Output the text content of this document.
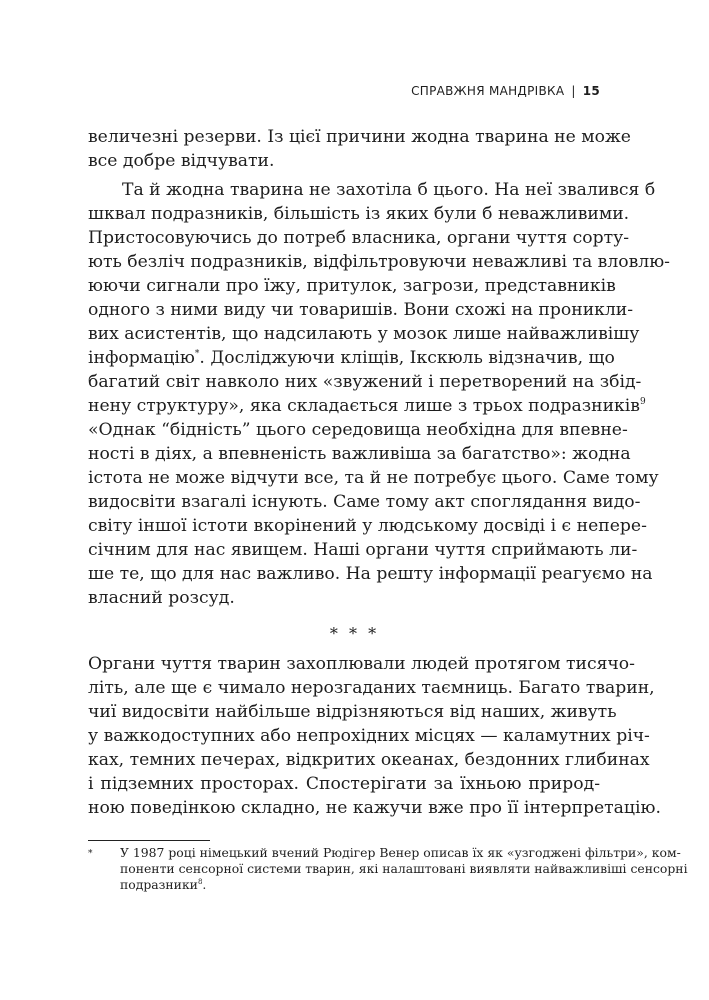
СПРАВЖНЯ МАНДРІВКА | 15
величезні резерви. Із цієї причини жодна тварина не може
все добре відчувати.
Та й жодна тварина не захотіла б цього. На неї звалився б
шквал подразників, більшість із яких були б неважливими.
Пристосовуючись до потреб власника, органи чуття сорту-
ють безліч подразників, відфільтровуючи неважливі та вловлю-
юючи сигнали про їжу, притулок, загрози, представників
одного з ними виду чи товаришів. Вони схожі на проникли-
вих асистентів, що надсилають у мозок лише найважливішу
інформацію*. Досліджуючи кліщів, Ікскюль відзначив, що
багатий світ навколо них «звужений і перетворений на збід-
нену структуру», яка складається лише з трьох подразників$^9$
«Однак “бідність” цього середовища необхідна для впевне-
ності в діях, а впевненість важливіша за багатство»: жодна
істота не може відчути все, та й не потребує цього. Саме тому
видосвіти взагалі існують. Саме тому акт споглядання видо-
світу іншої істоти вкорінений у людському досвіді і є непере-
січним для нас явищем. Наші органи чуття сприймають ли-
ше те, що для нас важливо. На решту інформації реагуємо на
власний розсуд.
* * *
Органи чуття тварин захоплювали людей протягом тисячо-
літь, але ще є чимало нерозгаданих таємниць. Багато тварин,
чиї видосвіти найбільше відрізняються від наших, живуть
у важкодоступних або непрохідних місцях — каламутних річ-
ках, темних печерах, відкритих океанах, бездонних глибинах
і підземних просторах. Спостерігати за їхньою природ-
ною поведінкою складно, не кажучи вже про її інтерпретацію.
* У 1987 році німецький вчений Рюдігер Венер описав їх як «узгоджені фільтри», ком-
поненти сенсорної системи тварин, які налаштовані виявляти найважливіші сенсорні
подразники$^8$.
